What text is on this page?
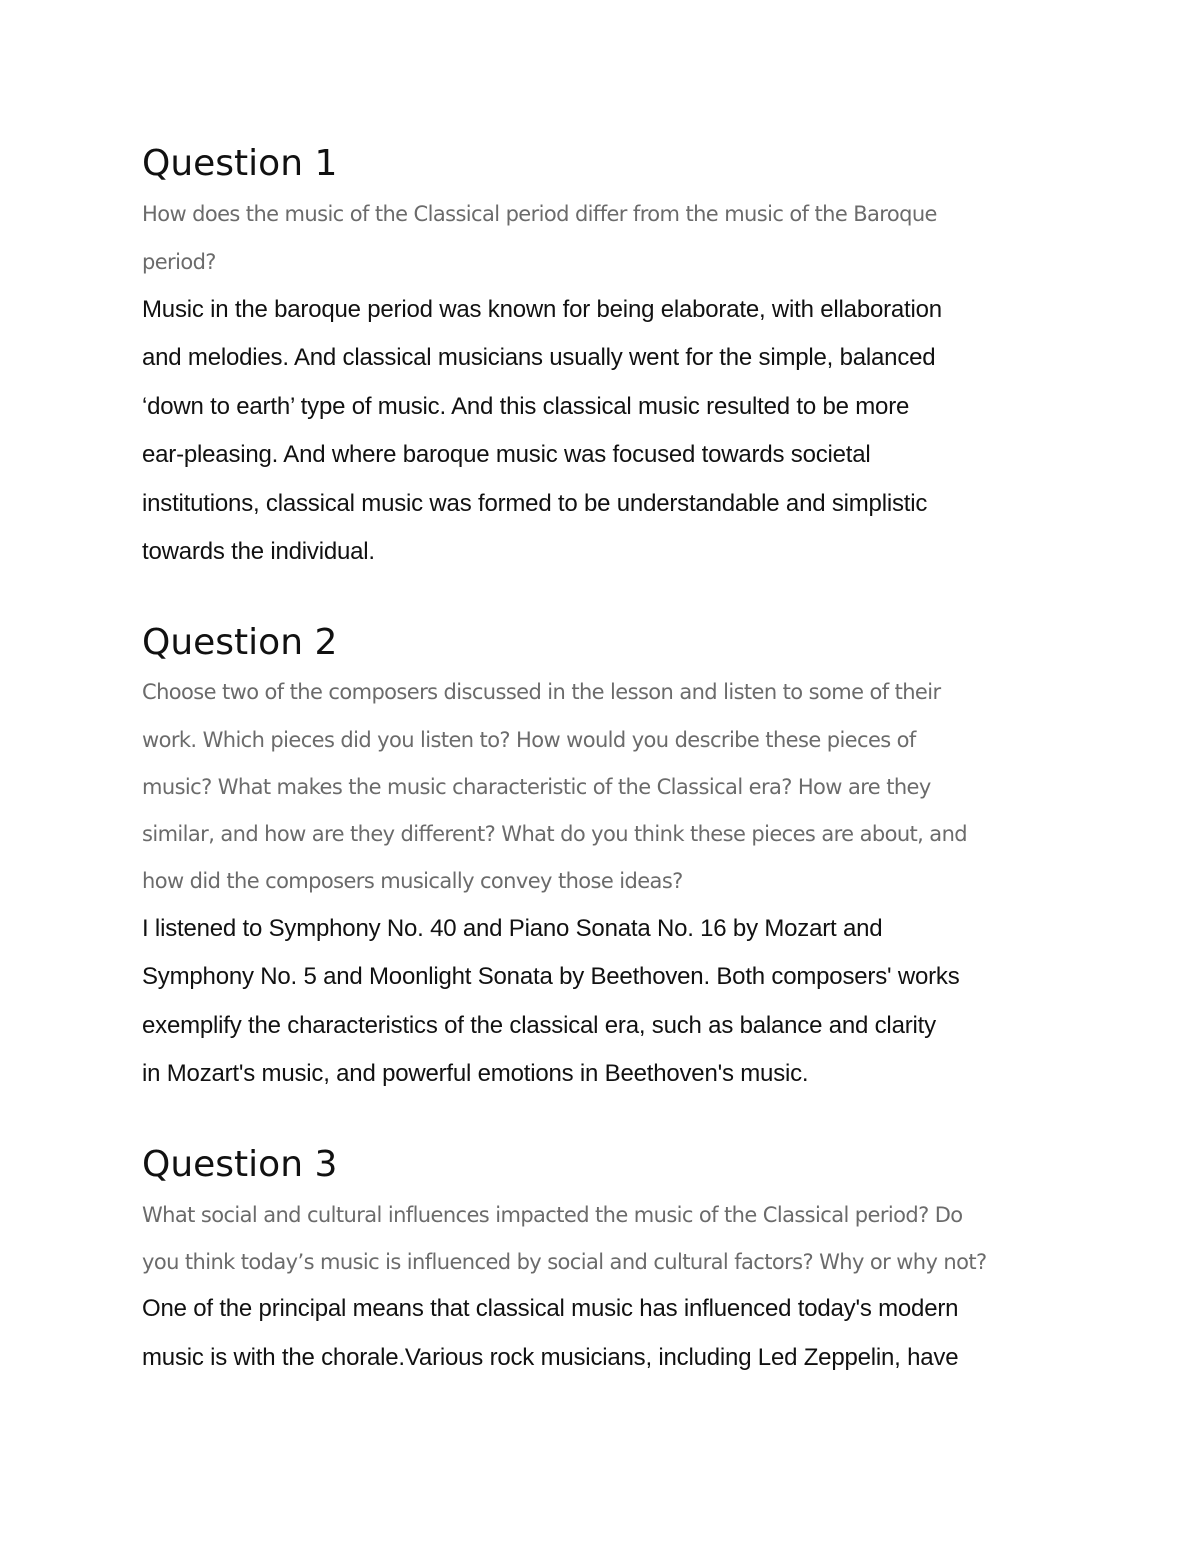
Question 1
How does the music of the Classical period differ from the music of the Baroque
period?
Music in the baroque period was known for being elaborate, with ellaboration
and melodies. And classical musicians usually went for the simple, balanced
‘down to earth’ type of music. And this classical music resulted to be more
ear-pleasing. And where baroque music was focused towards societal
institutions, classical music was formed to be understandable and simplistic
towards the individual.
Question 2
Choose two of the composers discussed in the lesson and listen to some of their
work. Which pieces did you listen to? How would you describe these pieces of
music? What makes the music characteristic of the Classical era? How are they
similar, and how are they different? What do you think these pieces are about, and
how did the composers musically convey those ideas?
I listened to Symphony No. 40 and Piano Sonata No. 16 by Mozart and
Symphony No. 5 and Moonlight Sonata by Beethoven. Both composers' works
exemplify the characteristics of the classical era, such as balance and clarity
in Mozart's music, and powerful emotions in Beethoven's music.
Question 3
What social and cultural influences impacted the music of the Classical period? Do
you think today’s music is influenced by social and cultural factors? Why or why not?
One of the principal means that classical music has influenced today's modern
music is with the chorale.Various rock musicians, including Led Zeppelin, have
